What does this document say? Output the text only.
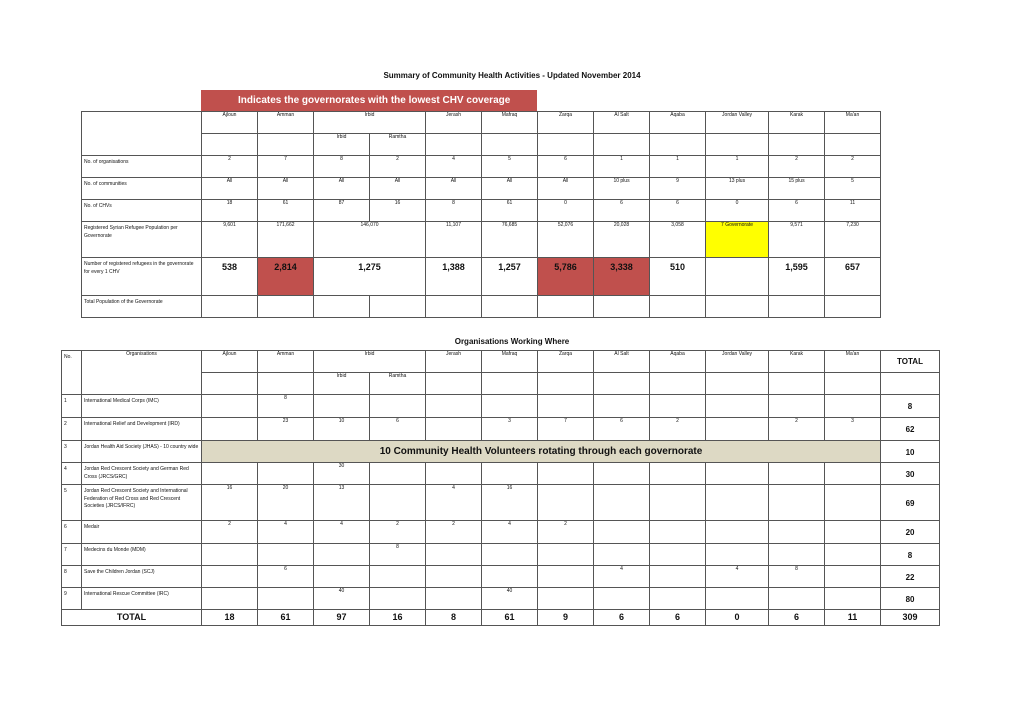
Summary of Community Health Activities - Updated November 2014
Indicates the governorates with the lowest CHV coverage
	Ajloun	Amman	Irbid		Jerash	Mafraq	Zarqa	Al Salt	Aqaba	Jordan Valley	Karak	Ma'an
			Irbid	Ramtha								
No. of organisations	2	7	8	2	4	5	6	1	1	1	2	2
No. of communities	All	All	All	All	All	All	All	10 plus	9	13 plus	15 plus	5
No. of CHVs	18	61	87	16	8	61	0	6	6	0	6	11
Registered Syrian Refugee Population per Governorate	9,601	171,662	146,070		11,107	76,685	52,076	20,028	3,058	7 Governorate	9,571	7,230
Number of registered refugees in the governorate for every 1 CHV	538	2,814	1,275		1,388	1,257	5,786	3,338	510		1,595	657
Total Population of the Governorate												
Organisations Working Where
No.	Organisations	Ajloun	Amman	Irbid		Jerash	Mafraq	Zarqa	Al Salt	Aqaba	Jordan Valley	Karak	Ma'an	TOTAL
				Irbid	Ramtha									
1	International Medical Corps (IMC)		8											8
2	International Relief and Development (IRD)		23	10	6		3	7	6	2		2	3	62
3	Jordan Health Aid Society (JHAS) - 10 country wide	10 Community Health Volunteers rotating through each governorate												10
4	Jordan Red Crescent Society and German Red Cross (JRCS/GRC)			30										30
5	Jordan Red Crescent Society and International Federation of Red Cross and Red Crescent Societies (JRCS/IFRC)	16	20	13		4	16							69
6	Medair	2	4	4	2	2	4	2						20
7	Medecins du Monde (MDM)				8									8
8	Save the Children Jordan (SCJ)		6						4		4	8		22
9	International Rescue Committee (IRC)			40			40							80
TOTAL		18	61	97	16	8	61	9	6	6	0	6	11	309
